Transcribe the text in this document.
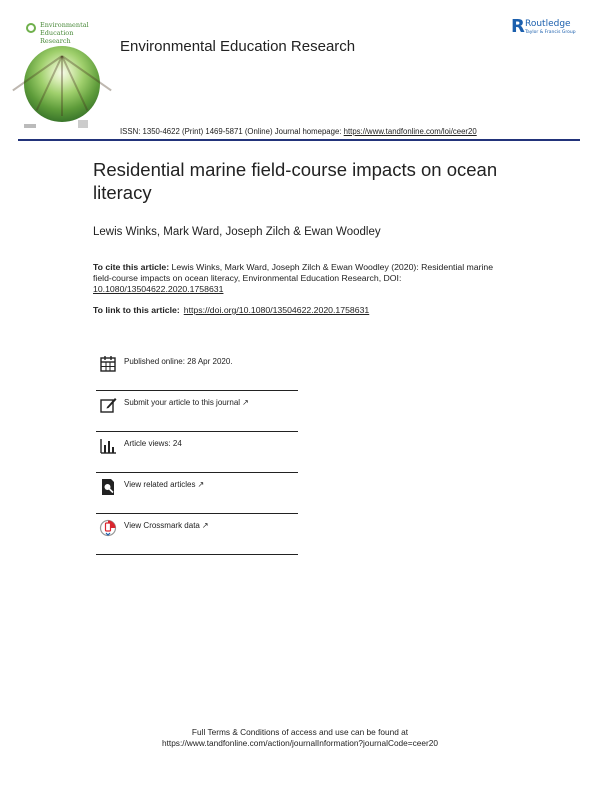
Environmental
Education Research	Environmental Education Research
R Routledge
Taylor & Francis Group
ISSN: 1350-4622 (Print) 1469-5871 (Online) Journal homepage: https://www.tandfonline.com/loi/ceer20
Residential marine field-course impacts on ocean literacy
Lewis Winks, Mark Ward, Joseph Zilch & Ewan Woodley
To cite this article: Lewis Winks, Mark Ward, Joseph Zilch & Ewan Woodley (2020): Residential marine field-course impacts on ocean literacy, Environmental Education Research, DOI: 10.1080/13504622.2020.1758631
To link to this article: https://doi.org/10.1080/13504622.2020.1758631
Published online: 28 Apr 2020.
Submit your article to this journal ↗
Article views: 24
View related articles ↗
View Crossmark data ↗
Full Terms & Conditions of access and use can be found at
https://www.tandfonline.com/action/journalInformation?journalCode=ceer20
